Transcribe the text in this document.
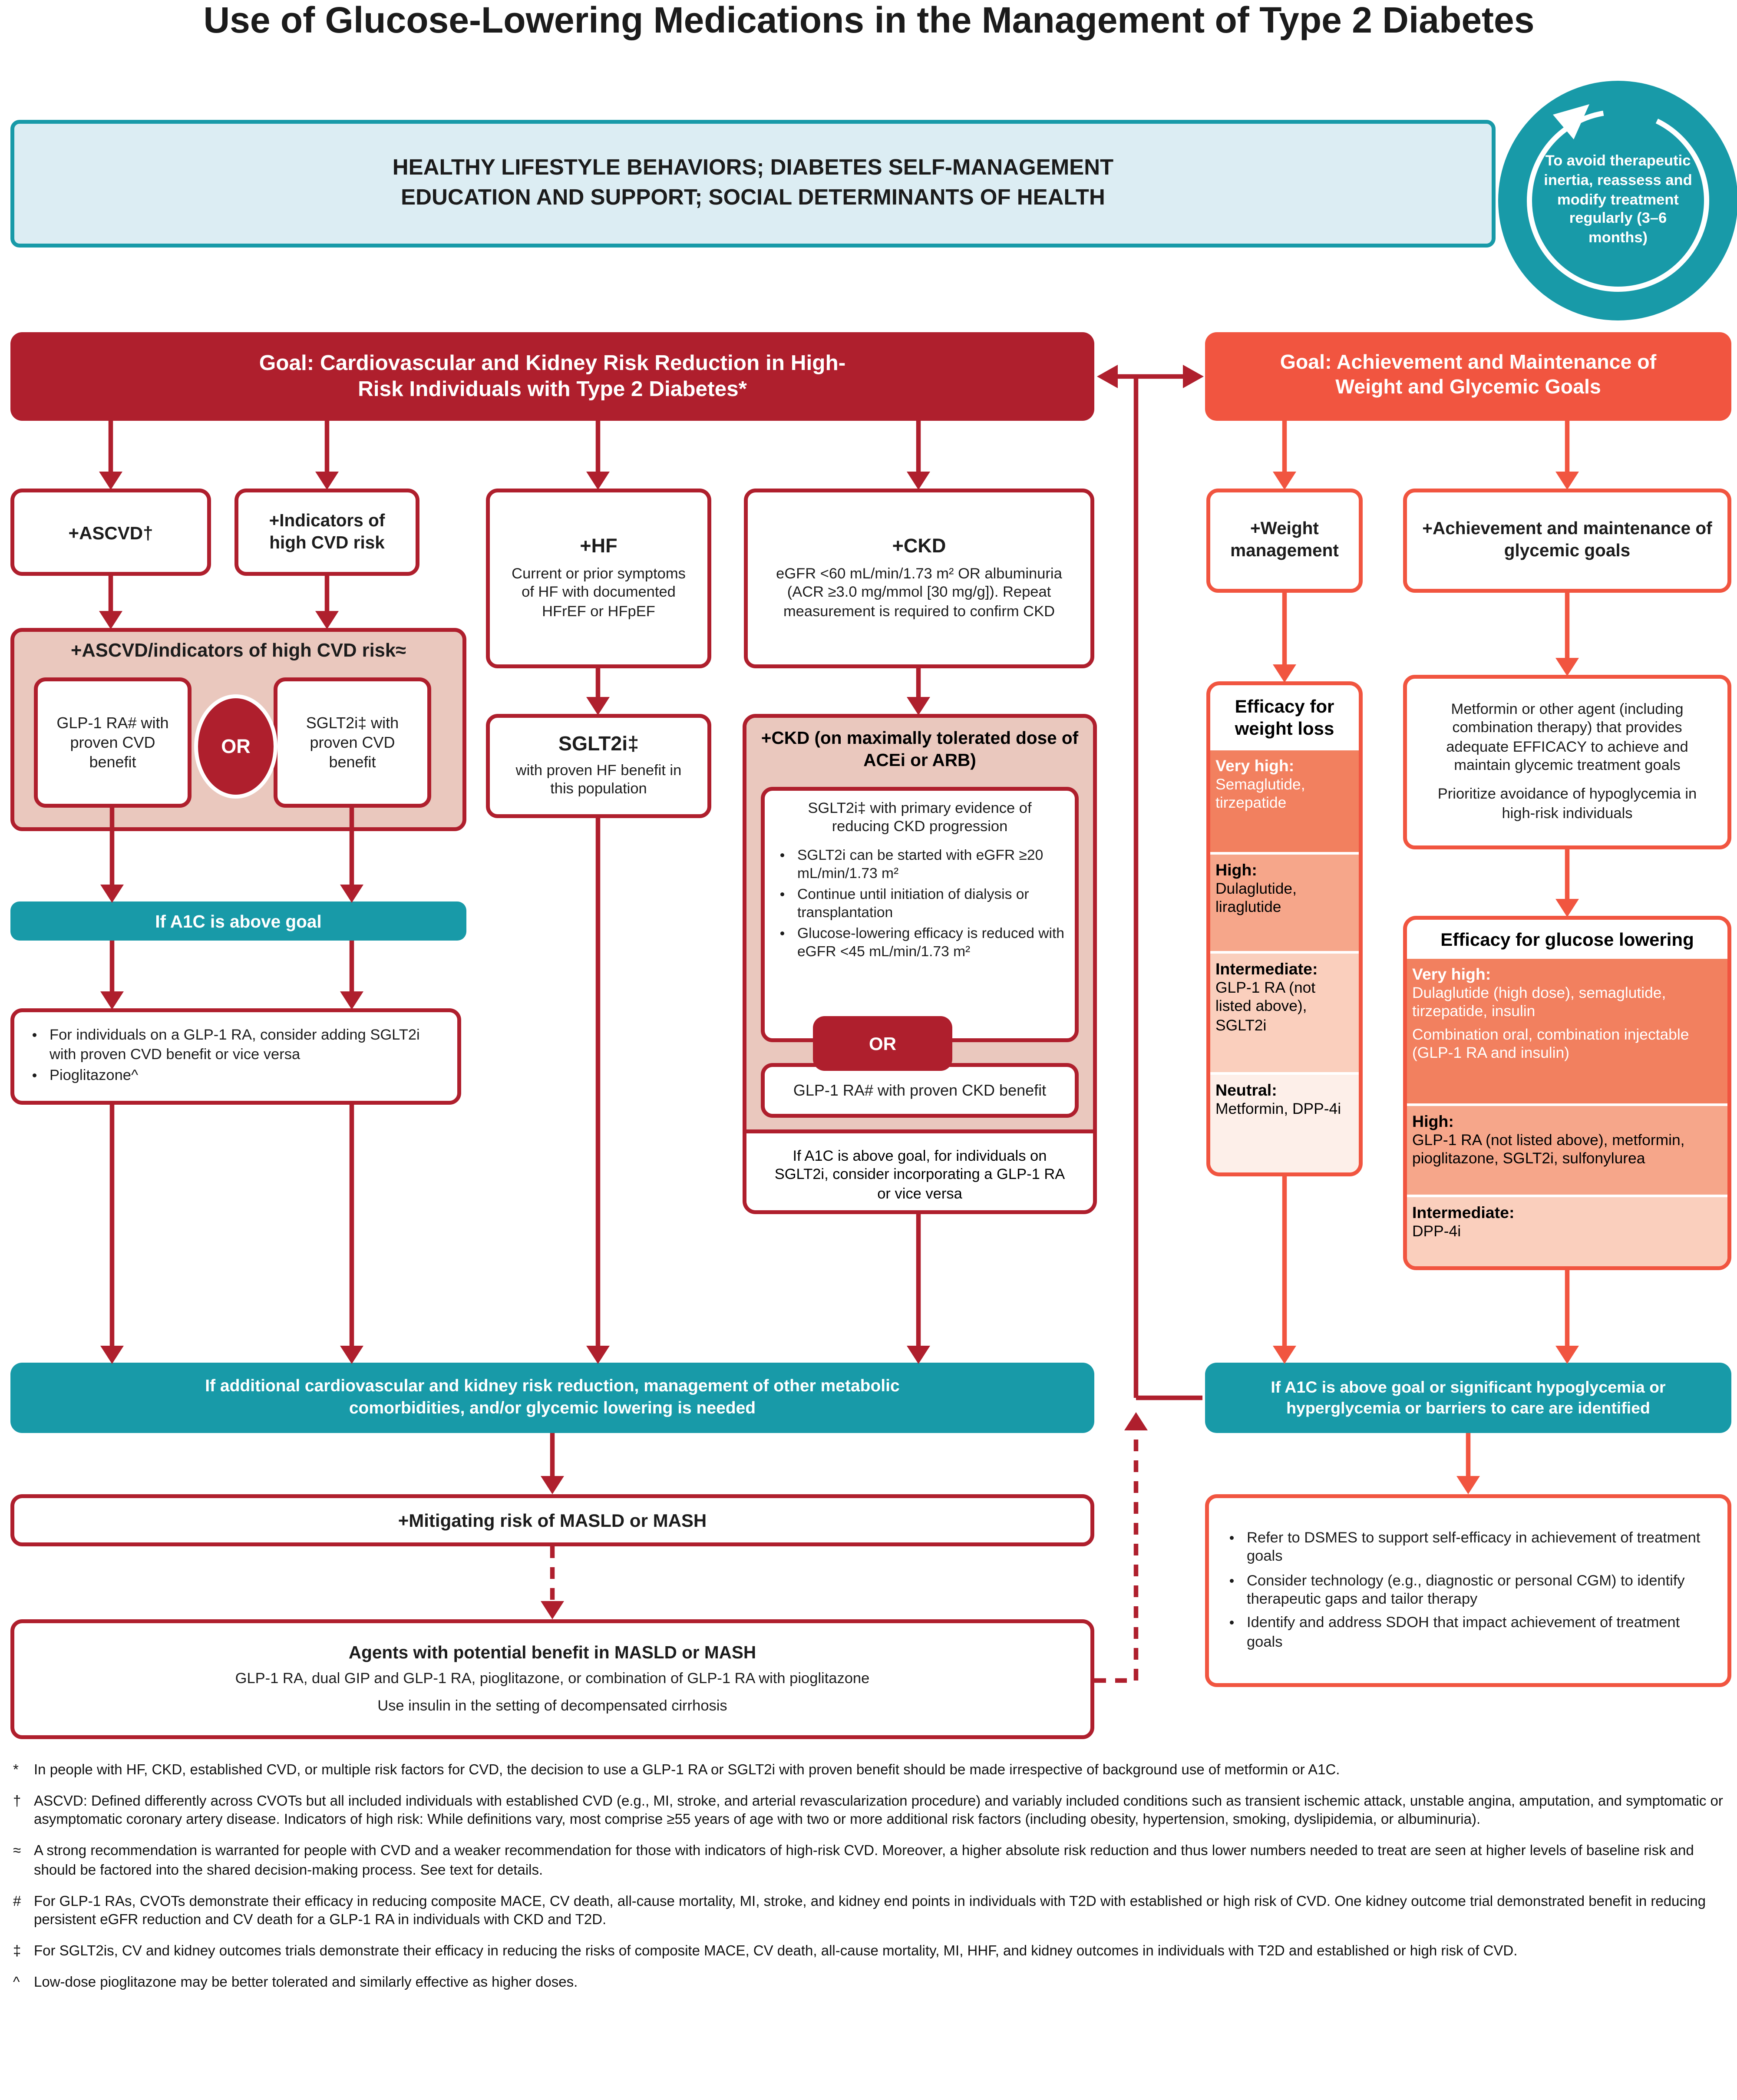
Use of Glucose-Lowering Medications in the Management of Type 2 Diabetes
HEALTHY LIFESTYLE BEHAVIORS; DIABETES SELF-MANAGEMENT EDUCATION AND SUPPORT; SOCIAL DETERMINANTS OF HEALTH
To avoid therapeutic inertia, reassess and modify treatment regularly (3–6 months)
Goal: Cardiovascular and Kidney Risk Reduction in High-Risk Individuals with Type 2 Diabetes*
Goal: Achievement and Maintenance of Weight and Glycemic Goals
+ASCVD†
+Indicators of high CVD risk	+HF
Current or prior symptoms of HF with documented HFrEF or HFpEF
+CKD
eGFR <60 mL/min/1.73 m² OR albuminuria (ACR ≥3.0 mg/mmol [30 mg/g]). Repeat measurement is required to confirm CKD
+Weight management
+Achievement and maintenance of glycemic goals
+ASCVD/indicators of high CVD risk≈
GLP-1 RA# with proven CVD benefit
OR
SGLT2i‡ with proven CVD benefit
SGLT2i‡
with proven HF benefit in this population
+CKD (on maximally tolerated dose of ACEi or ARB)
If A1C is above goal, for individuals on SGLT2i, consider incorporating a GLP-1 RA or vice versa
SGLT2i‡ with primary evidence of reducing CKD progression
• SGLT2i can be started with eGFR ≥20 mL/min/1.73 m²
• Continue until initiation of dialysis or transplantation
• Glucose-lowering efficacy is reduced with eGFR <45 mL/min/1.73 m²
OR
GLP-1 RA# with proven CKD benefit
If A1C is above goal
• For individuals on a GLP-1 RA, consider adding SGLT2i with proven CVD benefit or vice versa
• Pioglitazone^
Efficacy for weight loss
Very high:
Semaglutide, tirzepatide
High:
Dulaglutide, liraglutide
Intermediate:
GLP-1 RA (not listed above), SGLT2i
Neutral:
Metformin, DPP-4i
Metformin or other agent (including combination therapy) that provides adequate EFFICACY to achieve and maintain glycemic treatment goals
Prioritize avoidance of hypoglycemia in high-risk individuals
Efficacy for glucose lowering
Very high:
Dulaglutide (high dose), semaglutide, tirzepatide, insulin
Combination oral, combination injectable (GLP-1 RA and insulin)
High:
GLP-1 RA (not listed above), metformin, pioglitazone, SGLT2i, sulfonylurea
Intermediate:
DPP-4i
If additional cardiovascular and kidney risk reduction, management of other metabolic comorbidities, and/or glycemic lowering is needed
If A1C is above goal or significant hypoglycemia or hyperglycemia or barriers to care are identified
+Mitigating risk of MASLD or MASH
Agents with potential benefit in MASLD or MASH
GLP-1 RA, dual GIP and GLP-1 RA, pioglitazone, or combination of GLP-1 RA with pioglitazone
Use insulin in the setting of decompensated cirrhosis
• Refer to DSMES to support self-efficacy in achievement of treatment goals
• Consider technology (e.g., diagnostic or personal CGM) to identify therapeutic gaps and tailor therapy
• Identify and address SDOH that impact achievement of treatment goals
*	In people with HF, CKD, established CVD, or multiple risk factors for CVD, the decision to use a GLP-1 RA or SGLT2i with proven benefit should be made irrespective of background use of metformin or A1C.
†	ASCVD: Defined differently across CVOTs but all included individuals with established CVD (e.g., MI, stroke, and arterial revascularization procedure) and variably included conditions such as transient ischemic attack, unstable angina, amputation, and symptomatic or asymptomatic coronary artery disease. Indicators of high risk: While definitions vary, most comprise ≥55 years of age with two or more additional risk factors (including obesity, hypertension, smoking, dyslipidemia, or albuminuria).
≈	A strong recommendation is warranted for people with CVD and a weaker recommendation for those with indicators of high-risk CVD. Moreover, a higher absolute risk reduction and thus lower numbers needed to treat are seen at higher levels of baseline risk and should be factored into the shared decision-making process. See text for details.
#	For GLP-1 RAs, CVOTs demonstrate their efficacy in reducing composite MACE, CV death, all-cause mortality, MI, stroke, and kidney end points in individuals with T2D with established or high risk of CVD. One kidney outcome trial demonstrated benefit in reducing persistent eGFR reduction and CV death for a GLP-1 RA in individuals with CKD and T2D.
‡	For SGLT2is, CV and kidney outcomes trials demonstrate their efficacy in reducing the risks of composite MACE, CV death, all-cause mortality, MI, HHF, and kidney outcomes in individuals with T2D and established or high risk of CVD.
^	Low-dose pioglitazone may be better tolerated and similarly effective as higher doses.
